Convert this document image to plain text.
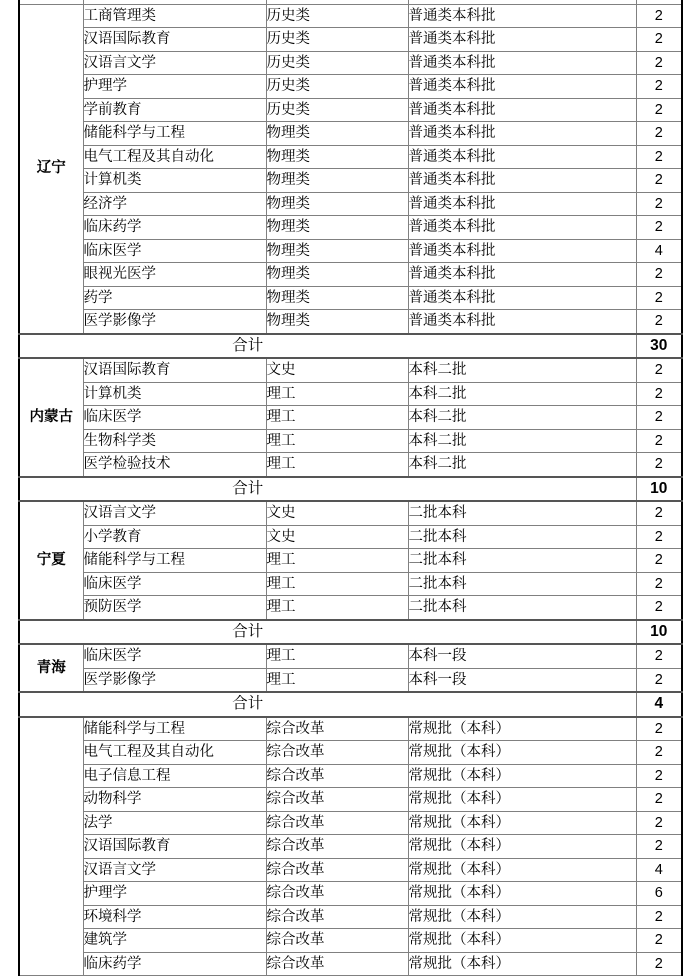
辽宁	工商管理类	历史类	普通类本科批	2
	汉语国际教育	历史类	普通类本科批	2
	汉语言文学	历史类	普通类本科批	2
	护理学	历史类	普通类本科批	2
	学前教育	历史类	普通类本科批	2
	储能科学与工程	物理类	普通类本科批	2
	电气工程及其自动化	物理类	普通类本科批	2
	计算机类	物理类	普通类本科批	2
	经济学	物理类	普通类本科批	2
	临床药学	物理类	普通类本科批	2
	临床医学	物理类	普通类本科批	4
	眼视光医学	物理类	普通类本科批	2
	药学	物理类	普通类本科批	2
	医学影像学	物理类	普通类本科批	2
合计				30
内蒙古	汉语国际教育	文史	本科二批	2
	计算机类	理工	本科二批	2
	临床医学	理工	本科二批	2
	生物科学类	理工	本科二批	2
	医学检验技术	理工	本科二批	2
合计				10
宁夏	汉语言文学	文史	二批本科	2
	小学教育	文史	二批本科	2
	储能科学与工程	理工	二批本科	2
	临床医学	理工	二批本科	2
	预防医学	理工	二批本科	2
合计				10
青海	临床医学	理工	本科一段	2
	医学影像学	理工	本科一段	2
合计				4
	储能科学与工程	综合改革	常规批（本科）	2
	电气工程及其自动化	综合改革	常规批（本科）	2
	电子信息工程	综合改革	常规批（本科）	2
	动物科学	综合改革	常规批（本科）	2
	法学	综合改革	常规批（本科）	2
	汉语国际教育	综合改革	常规批（本科）	2
	汉语言文学	综合改革	常规批（本科）	4
	护理学	综合改革	常规批（本科）	6
	环境科学	综合改革	常规批（本科）	2
	建筑学	综合改革	常规批（本科）	2
	临床药学	综合改革	常规批（本科）	2
